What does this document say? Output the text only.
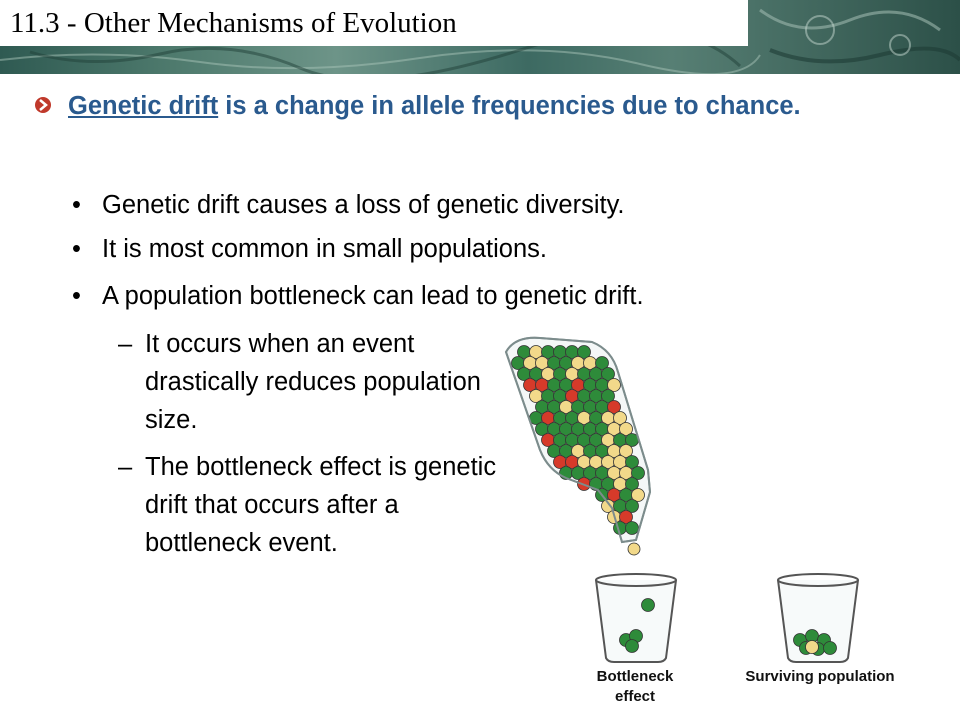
11.3 - Other Mechanisms of Evolution
Genetic drift is a change in allele frequencies due to chance.
• Genetic drift causes a loss of genetic diversity.
• It is most common in small populations.
• A population bottleneck can lead to genetic drift.
– It occurs when an event drastically reduces population size.
– The bottleneck effect is genetic drift that occurs after a bottleneck event.
Bottleneck effect
Surviving population
